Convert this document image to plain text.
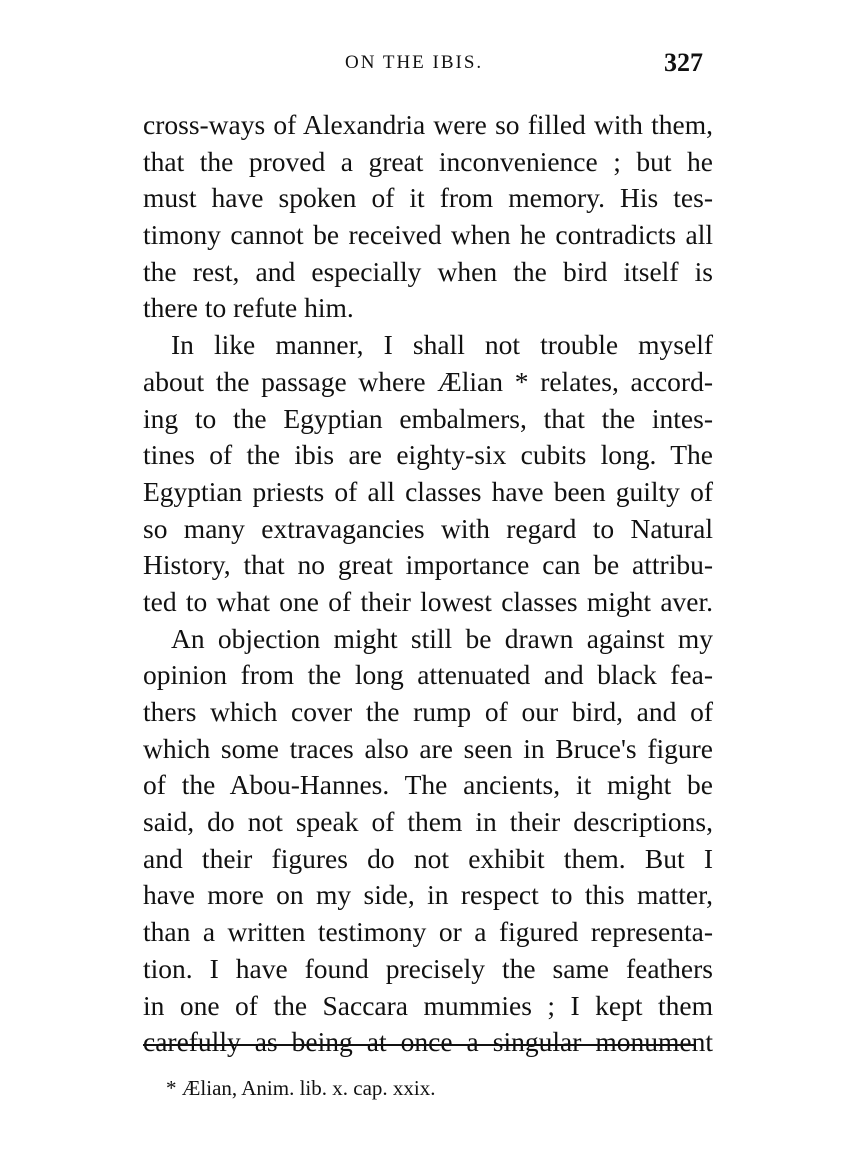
ON THE IBIS.	327
cross-ways of Alexandria were so filled with them,
that the proved a great inconvenience ; but he
must have spoken of it from memory. His tes-
timony cannot be received when he contradicts all
the rest, and especially when the bird itself is
there to refute him.
In like manner, I shall not trouble myself
about the passage where Ælian * relates, accord-
ing to the Egyptian embalmers, that the intes-
tines of the ibis are eighty-six cubits long. The
Egyptian priests of all classes have been guilty of
so many extravagancies with regard to Natural
History, that no great importance can be attribu-
ted to what one of their lowest classes might aver.
An objection might still be drawn against my
opinion from the long attenuated and black fea-
thers which cover the rump of our bird, and of
which some traces also are seen in Bruce's figure
of the Abou-Hannes. The ancients, it might be
said, do not speak of them in their descriptions,
and their figures do not exhibit them. But I
have more on my side, in respect to this matter,
than a written testimony or a figured representa-
tion. I have found precisely the same feathers
in one of the Saccara mummies ; I kept them
carefully as being at once a singular monument
* Ælian, Anim. lib. x. cap. xxix.
